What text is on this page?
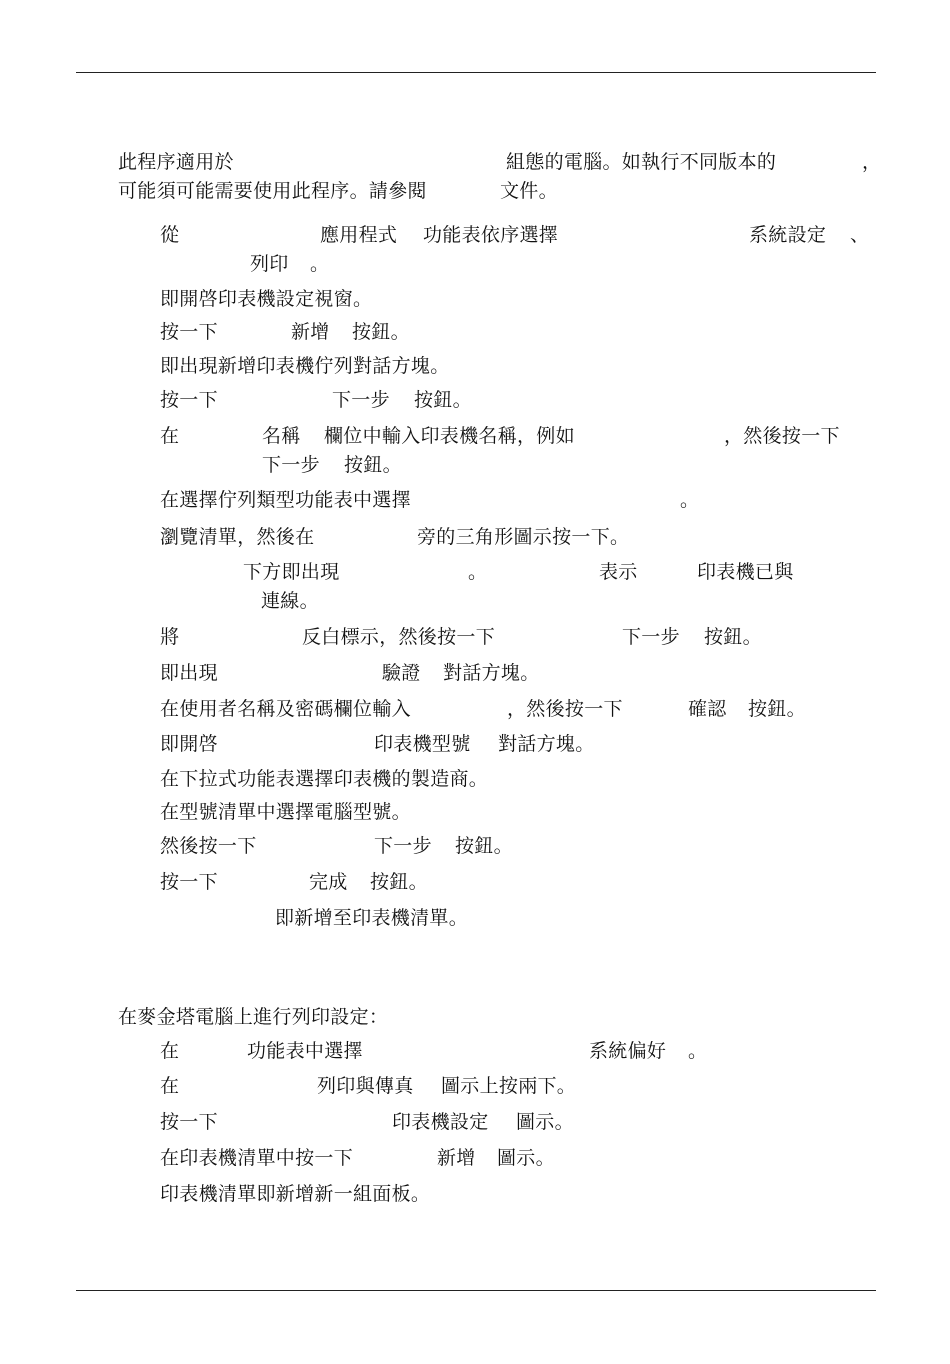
此程序適用於	組態的電腦。如執行不同版本的	，
可能須可能需要使用此程序。請參閱	文件。
從	應用程式 功能表依序選擇	系統設定 、
列印 。
即開啓印表機設定視窗。
按一下	新增 按鈕。
即出現新增印表機佇列對話方塊。
按一下	下一步 按鈕。
在	名稱 欄位中輸入印表機名稱，例如	，然後按一下
下一步 按鈕。
在選擇佇列類型功能表中選擇	。
瀏覽清單，然後在	旁的三角形圖示按一下。
下方即出現	。	表示	印表機已與
連線。
將	反白標示，然後按一下	下一步 按鈕。
即出現	驗證 對話方塊。
在使用者名稱及密碼欄位輸入	，然後按一下	確認 按鈕。
即開啓	印表機型號 對話方塊。
在下拉式功能表選擇印表機的製造商。
在型號清單中選擇電腦型號。
然後按一下	下一步 按鈕。
按一下	完成 按鈕。
即新增至印表機清單。
在麥金塔電腦上進行列印設定：
在	功能表中選擇	系統偏好 。
在	列印與傳真 圖示上按兩下。
按一下	印表機設定 圖示。
在印表機清單中按一下	新增 圖示。
印表機清單即新增新一組面板。
